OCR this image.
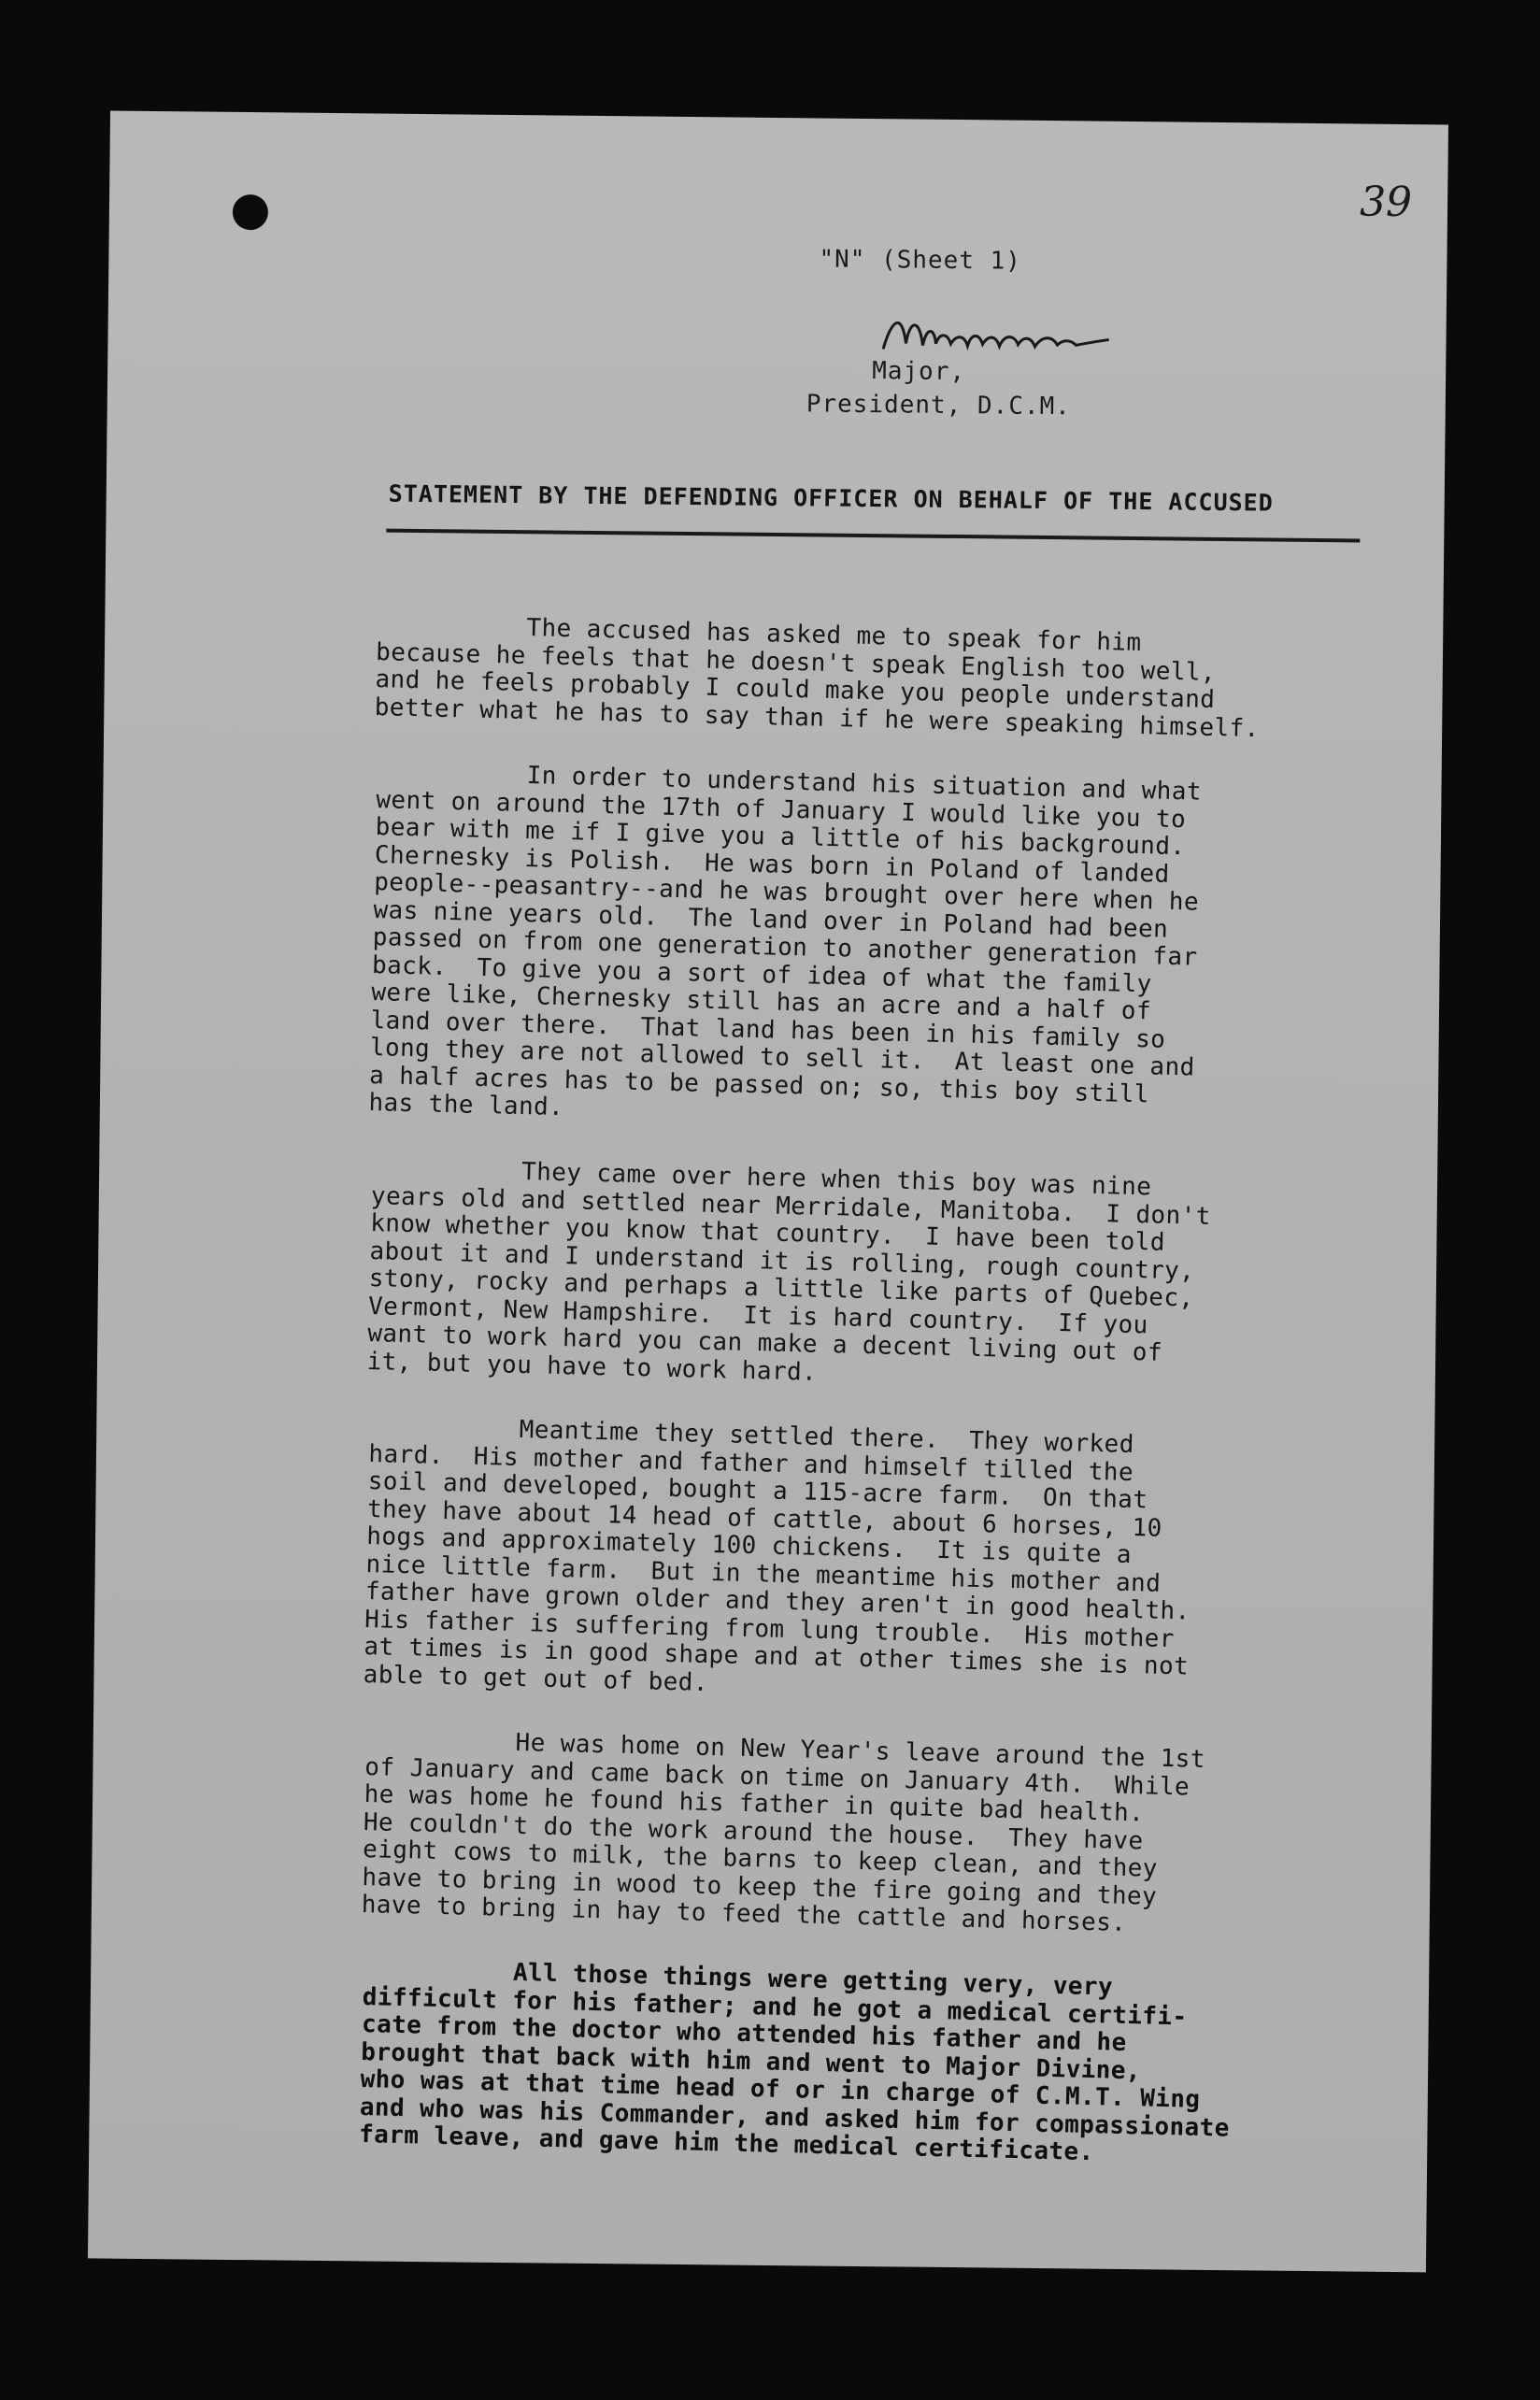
39
"N" (Sheet 1)
Major,
President, D.C.M.
STATEMENT BY THE DEFENDING OFFICER ON BEHALF OF THE ACCUSED

The accused has asked me to speak for him
because he feels that he doesn't speak English too well,
and he feels probably I could make you people understand
better what he has to say than if he were speaking himself.

In order to understand his situation and what
went on around the 17th of January I would like you to
bear with me if I give you a little of his background.
Chernesky is Polish.  He was born in Poland of landed
people--peasantry--and he was brought over here when he
was nine years old.  The land over in Poland had been
passed on from one generation to another generation far
back.  To give you a sort of idea of what the family
were like, Chernesky still has an acre and a half of
land over there.  That land has been in his family so
long they are not allowed to sell it.  At least one and
a half acres has to be passed on; so, this boy still
has the land.

They came over here when this boy was nine
years old and settled near Merridale, Manitoba.  I don't
know whether you know that country.  I have been told
about it and I understand it is rolling, rough country,
stony, rocky and perhaps a little like parts of Quebec,
Vermont, New Hampshire.  It is hard country.  If you
want to work hard you can make a decent living out of
it, but you have to work hard.

Meantime they settled there.  They worked
hard.  His mother and father and himself tilled the
soil and developed, bought a 115-acre farm.  On that
they have about 14 head of cattle, about 6 horses, 10
hogs and approximately 100 chickens.  It is quite a
nice little farm.  But in the meantime his mother and
father have grown older and they aren't in good health.
His father is suffering from lung trouble.  His mother
at times is in good shape and at other times she is not
able to get out of bed.

He was home on New Year's leave around the 1st
of January and came back on time on January 4th.  While
he was home he found his father in quite bad health.
He couldn't do the work around the house.  They have
eight cows to milk, the barns to keep clean, and they
have to bring in wood to keep the fire going and they
have to bring in hay to feed the cattle and horses.

All those things were getting very, very
difficult for his father; and he got a medical certifi-
cate from the doctor who attended his father and he
brought that back with him and went to Major Divine,
who was at that time head of or in charge of C.M.T. Wing
and who was his Commander, and asked him for compassionate
farm leave, and gave him the medical certificate.
